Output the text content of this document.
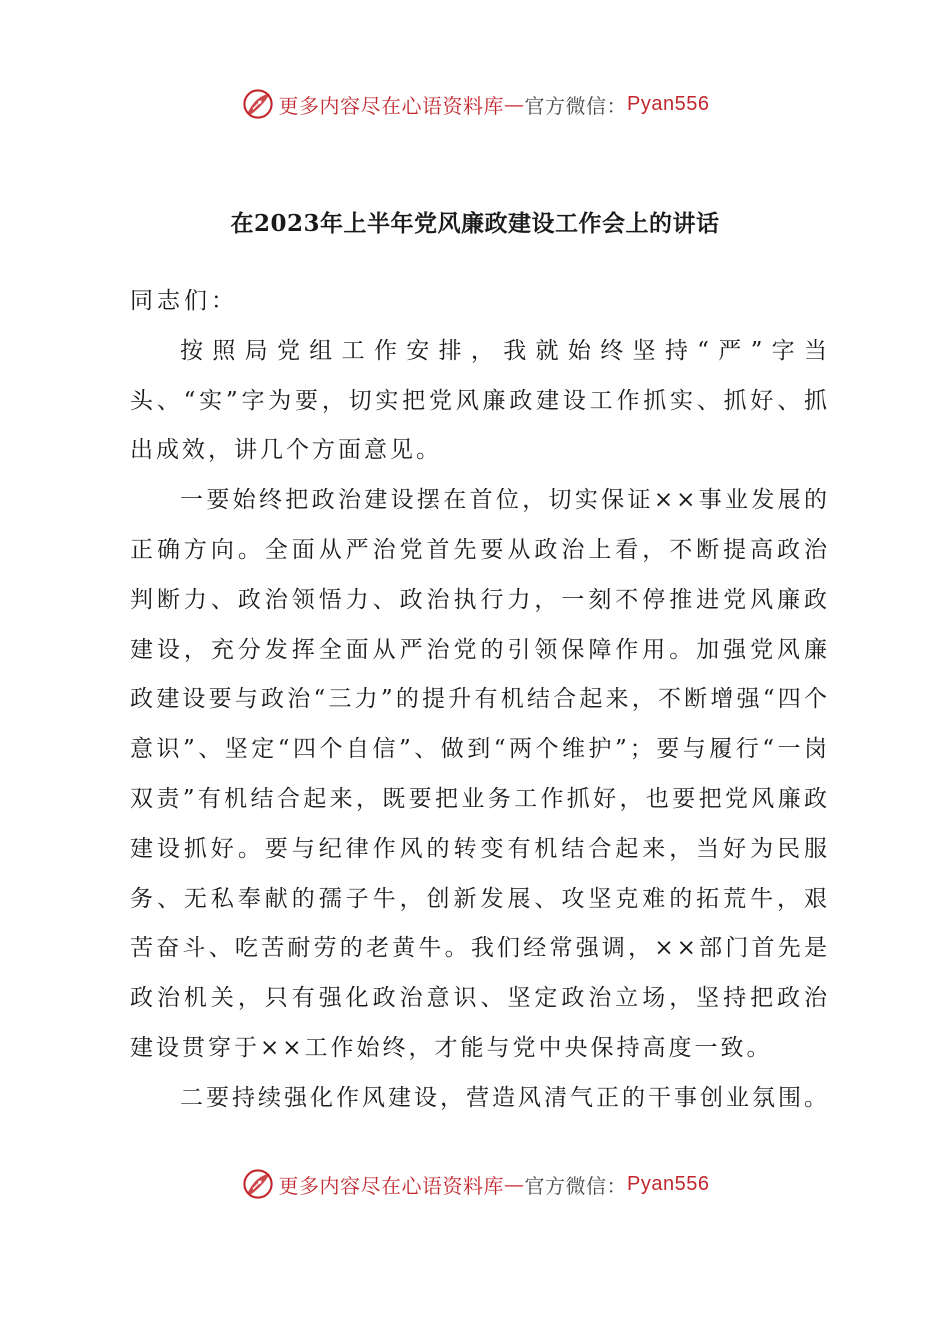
更多内容尽在心语资料库 — 官方微信： Pyan556
在2023年上半年党风廉政建设工作会上的讲话

同志们：

按照局党组工作安排，我就始终坚持“严”字当头、“实”字为要，切实把党风廉政建设工作抓实、抓好、抓出成效，讲几个方面意见。

一要始终把政治建设摆在首位，切实保证××事业发展的正确方向。全面从严治党首先要从政治上看，不断提高政治判断力、政治领悟力、政治执行力，一刻不停推进党风廉政建设，充分发挥全面从严治党的引领保障作用。加强党风廉政建设要与政治“三力”的提升有机结合起来，不断增强“四个意识”、坚定“四个自信”、做到“两个维护”；要与履行“一岗双责”有机结合起来，既要把业务工作抓好，也要把党风廉政建设抓好。要与纪律作风的转变有机结合起来，当好为民服务、无私奉献的孺子牛，创新发展、攻坚克难的拓荒牛，艰苦奋斗、吃苦耐劳的老黄牛。我们经常强调，××部门首先是政治机关，只有强化政治意识、坚定政治立场，坚持把政治建设贯穿于××工作始终，才能与党中央保持高度一致。

二要持续强化作风建设，营造风清气正的干事创业氛围。

更多内容尽在心语资料库 — 官方微信： Pyan556
